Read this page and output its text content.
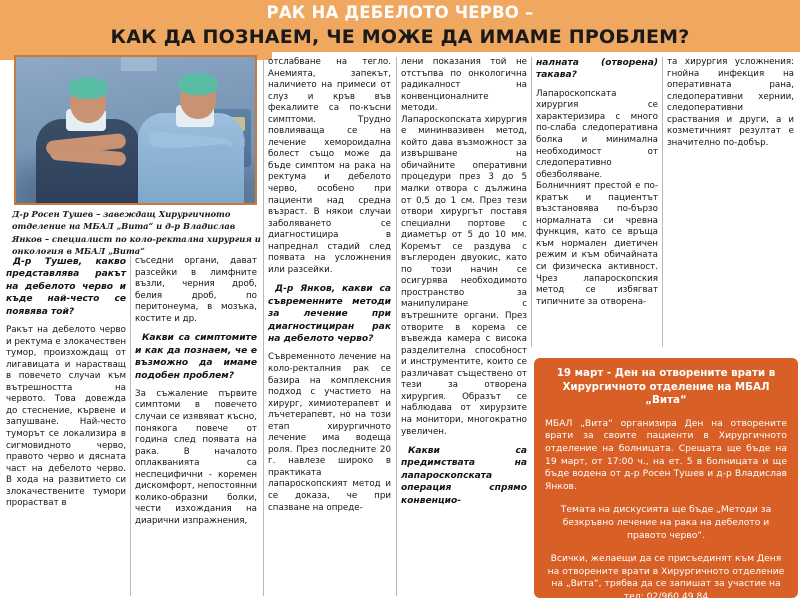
РАК НА ДЕБЕЛОТО ЧЕРВО –
КАК ДА ПОЗНАЕМ, ЧЕ МОЖЕ ДА ИМАМЕ ПРОБЛЕМ?
Д-р Росен Тушев – завеждащ Хирургичното отделение на МБАЛ „Вита“ и д-р Владислав Янков – специалист по коло-ректална хирургия и онкология в МБАЛ „Вита“

Д-р Тушев, какво представлява ракът на дебелото черво и къде най-често се появява той?

Ракът на дебелото черво и ректума е злокачествен тумор, произхождащ от лигавицата и нарастващ в повечето случаи към вътрешността на червото. Това довежда до стеснение, кървене и запушване. Най-често туморът се локализира в сигмовидното черво, правото черво и дясната част на дебелото черво. В хода на развитието си злокачествените тумори прорастват в

съседни органи, дават разсейки в лимфните възли, черния дроб, белия дроб, по перитонеума, в мозъка, костите и др.

Какви са симптомите и как да познаем, че е възможно да имаме подобен проблем?

За съжаление първите симптоми в повечето случаи се изявяват късно, понякога повече от година след появата на рака. В началото оплакванията са неспецифични - коремен дискомфорт, непостоянни колико-образни болки, чести изхождания на диарични изпражнения,

отслабване на тегло. Анемията, запекът, наличието на примеси от слуз и кръв във фекалиите са по-късни симптоми. Трудно повлияваща се на лечение хемороидална болест също може да бъде симптом на рака на ректума и дебелото черво, особено при пациенти над средна възраст. В някои случаи заболяването се диагностицира в напреднал стадий след появата на усложнения или разсейки.

Д-р Янков, какви са съвременните методи за лечение при диагностициран рак на дебелото черво?

Съвременното лечение на коло-ректалния рак се базира на комплексния подход с участието на хирург, химиотерапевт и лъчетерапевт, но на този етап хирургичното лечение има водеща роля. През последните 20 г. навлезе широко в практиката лапароскопският метод и се доказа, че при спазване на опреде-

лени показания той не отстъпва по онкологична радикалност на конвенционалните методи.

Лапароскопската хирургия е мининвазивен метод, който дава възможност за извършване на обичайните оперативни процедури през 3 до 5 малки отвора с дължина от 0,5 до 1 см. През тези отвори хирургът поставя специални портове с диаметър от 5 до 10 мм. Коремът се раздува с въглероден двуокис, като по този начин се осигурява необходимото пространство за манипулиране с вътрешните органи. През отворите в корема се въвежда камера с висока разделителна способност и инструментите, които се различават съществено от тези за отворена хирургия. Образът се наблюдава от хирурзите на монитори, многократно увеличен.

Какви са предимствата на лапароскопската операция спрямо конвенцио-

налната (отворена) такава?

Лапароскопската хирургия се характеризира с много по-слаба следоперативна болка и минимална необходимост от следоперативно обезболяване. Болничният престой е по-кратък и пациентът възстановява по-бързо нормалната си чревна функция, като се връща към нормален диетичен режим и към обичайната си физическа активност. Чрез лапароскопския метод се избягват типичните за отворена-

та хирургия усложнения: гнойна инфекция на оперативната рана, следоперативни хернии, следоперативни сраствания и други, а и козметичният резултат е значително по-добър.

19 март - Ден на отворените врати в Хирургичното отделение на МБАЛ „Вита“
МБАЛ „Вита“ организира Ден на отворените врати за своите пациенти в Хирургичното отделение на болницата. Срещата ще бъде на 19 март, от 17:00 ч., на ет. 5 в болницата и ще бъде водена от д-р Росен Тушев и д-р Владислав Янков.
Темата на дискусията ще бъде „Методи за безкръвно лечение на рака на дебелото и правото черво“.
Всички, желаещи да се присъединят към Деня на отворените врати в Хирургичното отделение на „Вита“, трябва да се запишат за участие на тел: 02/960 49 84
